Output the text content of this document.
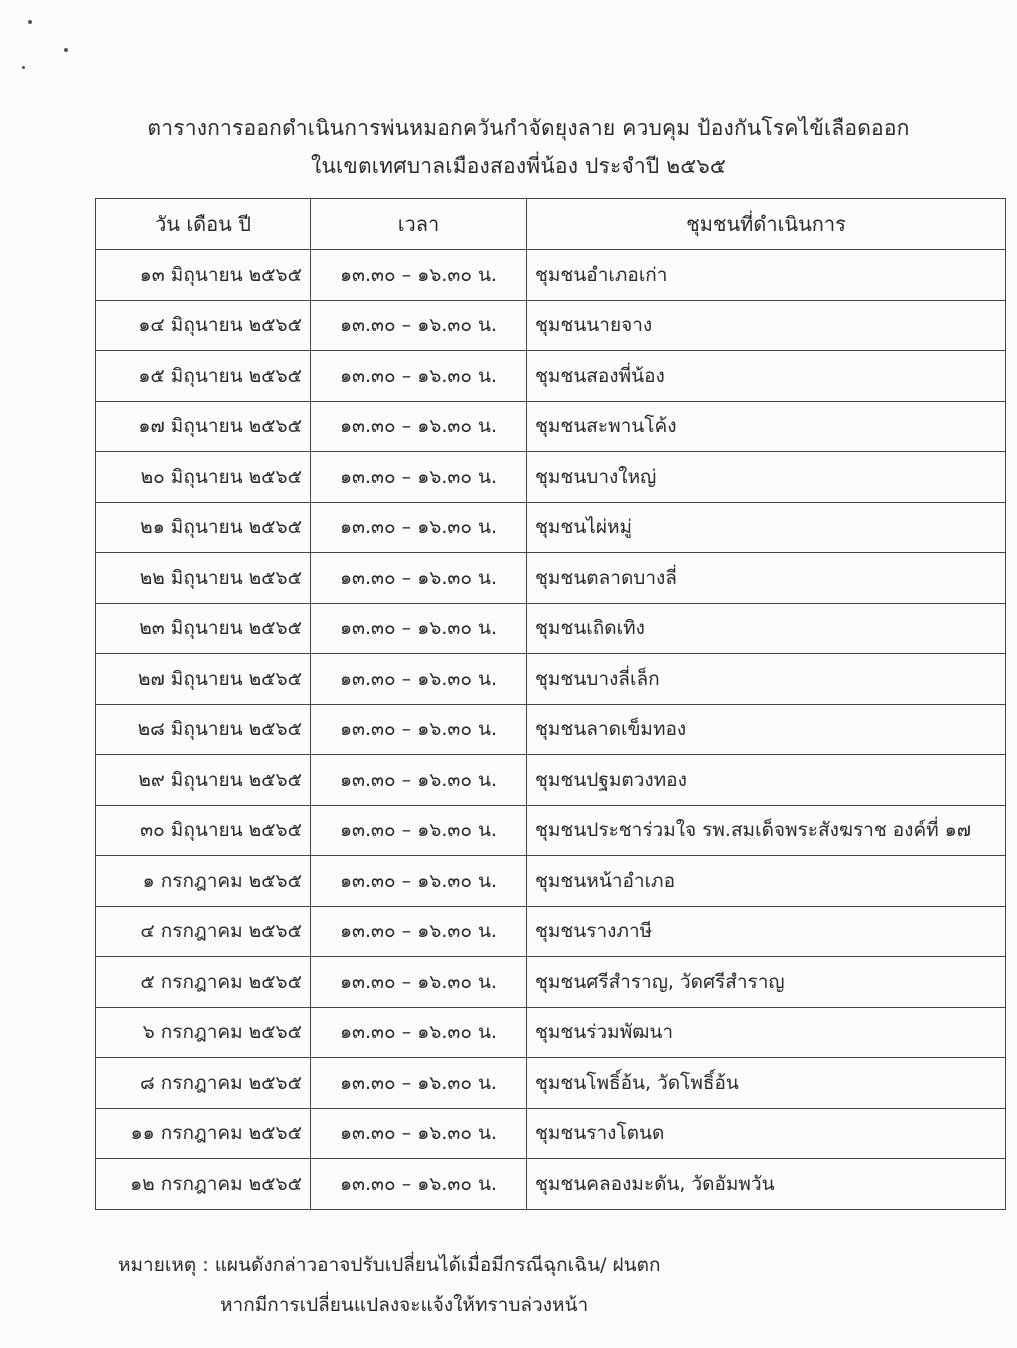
ตารางการออกดำเนินการพ่นหมอกควันกำจัดยุงลาย ควบคุม ป้องกันโรคไข้เลือดออก
ในเขตเทศบาลเมืองสองพี่น้อง ประจำปี ๒๕๖๕
วัน เดือน ปี	เวลา	ชุมชนที่ดำเนินการ
๑๓ มิถุนายน ๒๕๖๕	๑๓.๓๐ – ๑๖.๓๐ น.	ชุมชนอำเภอเก่า
๑๔ มิถุนายน ๒๕๖๕	๑๓.๓๐ – ๑๖.๓๐ น.	ชุมชนนายจาง
๑๕ มิถุนายน ๒๕๖๕	๑๓.๓๐ – ๑๖.๓๐ น.	ชุมชนสองพี่น้อง
๑๗ มิถุนายน ๒๕๖๕	๑๓.๓๐ – ๑๖.๓๐ น.	ชุมชนสะพานโค้ง
๒๐ มิถุนายน ๒๕๖๕	๑๓.๓๐ – ๑๖.๓๐ น.	ชุมชนบางใหญ่
๒๑ มิถุนายน ๒๕๖๕	๑๓.๓๐ – ๑๖.๓๐ น.	ชุมชนไผ่หมู่
๒๒ มิถุนายน ๒๕๖๕	๑๓.๓๐ – ๑๖.๓๐ น.	ชุมชนตลาดบางลี่
๒๓ มิถุนายน ๒๕๖๕	๑๓.๓๐ – ๑๖.๓๐ น.	ชุมชนเถิดเทิง
๒๗ มิถุนายน ๒๕๖๕	๑๓.๓๐ – ๑๖.๓๐ น.	ชุมชนบางลี่เล็ก
๒๘ มิถุนายน ๒๕๖๕	๑๓.๓๐ – ๑๖.๓๐ น.	ชุมชนลาดเข็มทอง
๒๙ มิถุนายน ๒๕๖๕	๑๓.๓๐ – ๑๖.๓๐ น.	ชุมชนปฐมตวงทอง
๓๐ มิถุนายน ๒๕๖๕	๑๓.๓๐ – ๑๖.๓๐ น.	ชุมชนประชาร่วมใจ รพ.สมเด็จพระสังฆราช องค์ที่ ๑๗
๑ กรกฎาคม ๒๕๖๕	๑๓.๓๐ – ๑๖.๓๐ น.	ชุมชนหน้าอำเภอ
๔ กรกฎาคม ๒๕๖๕	๑๓.๓๐ – ๑๖.๓๐ น.	ชุมชนรางภาษี
๕ กรกฎาคม ๒๕๖๕	๑๓.๓๐ – ๑๖.๓๐ น.	ชุมชนศรีสำราญ, วัดศรีสำราญ
๖ กรกฎาคม ๒๕๖๕	๑๓.๓๐ – ๑๖.๓๐ น.	ชุมชนร่วมพัฒนา
๘ กรกฎาคม ๒๕๖๕	๑๓.๓๐ – ๑๖.๓๐ น.	ชุมชนโพธิ์อ้น, วัดโพธิ์อ้น
๑๑ กรกฎาคม ๒๕๖๕	๑๓.๓๐ – ๑๖.๓๐ น.	ชุมชนรางโตนด
๑๒ กรกฎาคม ๒๕๖๕	๑๓.๓๐ – ๑๖.๓๐ น.	ชุมชนคลองมะดัน, วัดอัมพวัน
หมายเหตุ : แผนดังกล่าวอาจปรับเปลี่ยนได้เมื่อมีกรณีฉุกเฉิน/ ฝนตก
หากมีการเปลี่ยนแปลงจะแจ้งให้ทราบล่วงหน้า
